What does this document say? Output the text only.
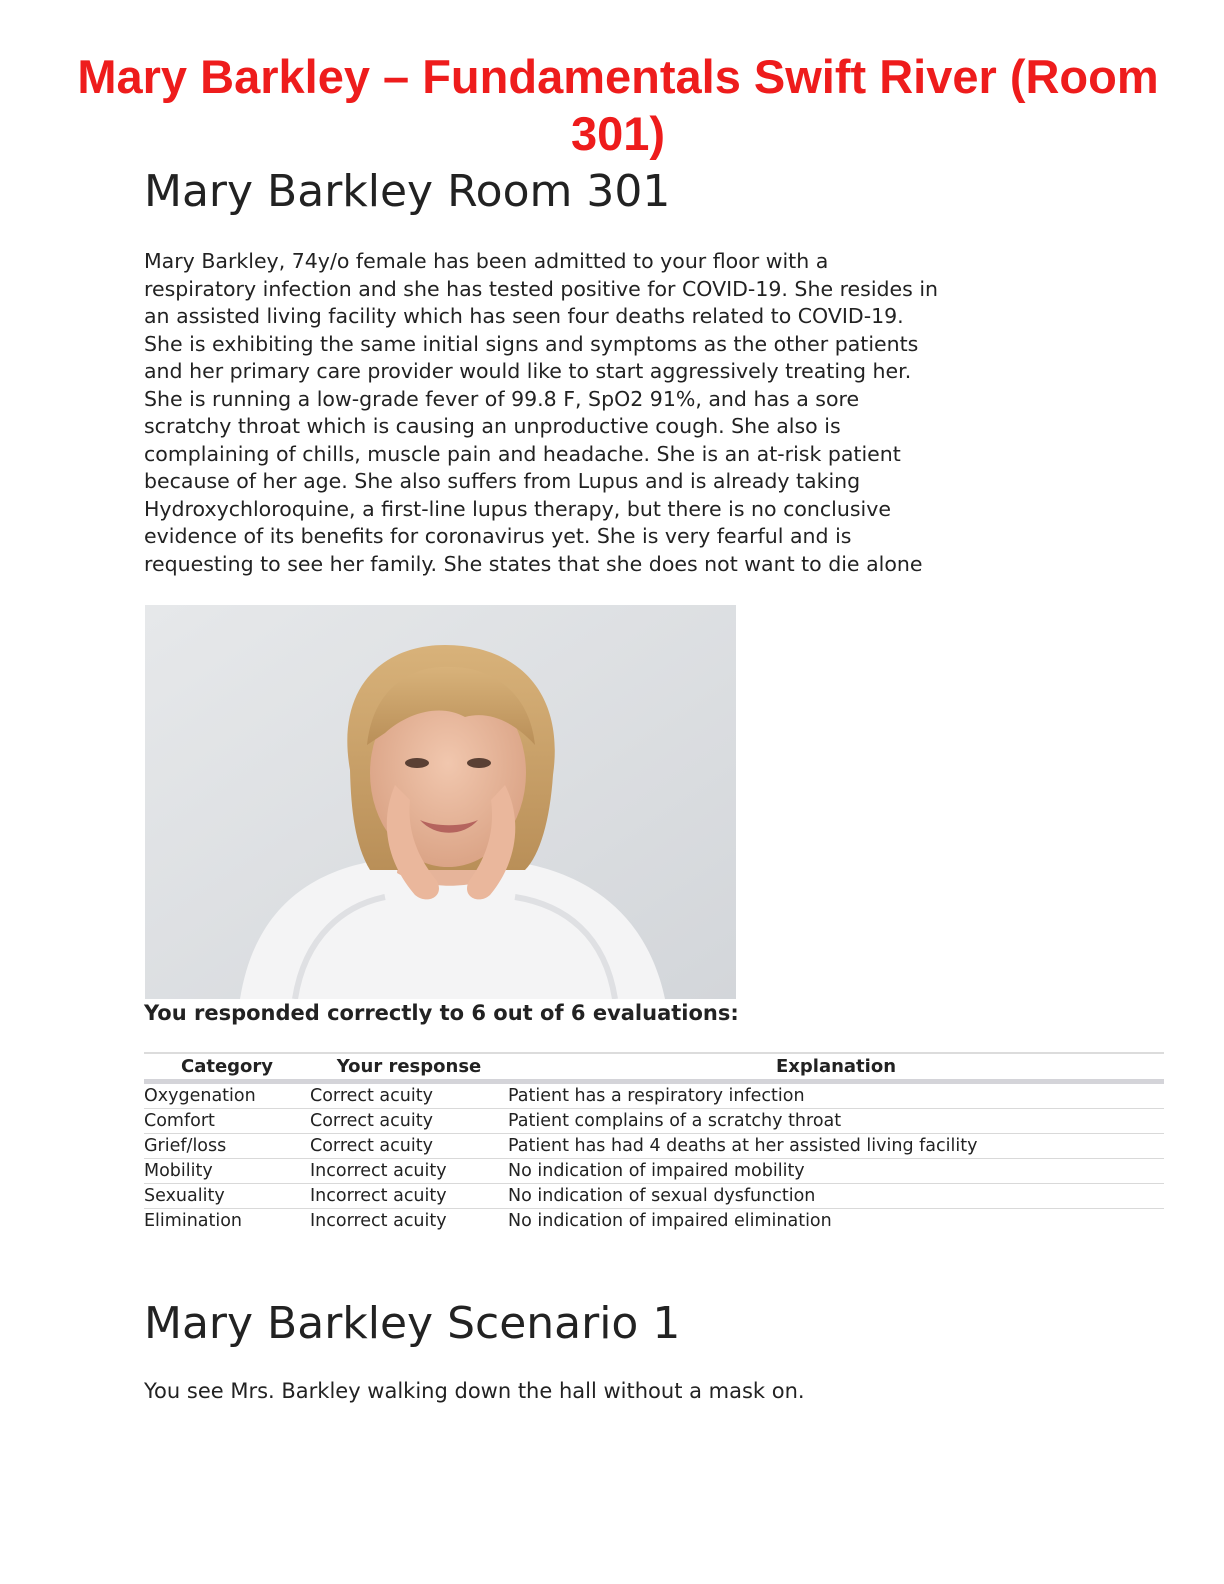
Mary Barkley – Fundamentals Swift River (Room 301)
Mary Barkley Room 301

Mary Barkley, 74y/o female has been admitted to your floor with a
respiratory infection and she has tested positive for COVID-19. She resides in
an assisted living facility which has seen four deaths related to COVID-19.
She is exhibiting the same initial signs and symptoms as the other patients
and her primary care provider would like to start aggressively treating her.
She is running a low-grade fever of 99.8 F, SpO2 91%, and has a sore
scratchy throat which is causing an unproductive cough. She also is
complaining of chills, muscle pain and headache. She is an at-risk patient
because of her age. She also suffers from Lupus and is already taking
Hydroxychloroquine, a first-line lupus therapy, but there is no conclusive
evidence of its benefits for coronavirus yet. She is very fearful and is
requesting to see her family. She states that she does not want to die alone

You responded correctly to 6 out of 6 evaluations:

Category	Your response	Explanation
Oxygenation	Correct acuity	Patient has a respiratory infection
Comfort	Correct acuity	Patient complains of a scratchy throat
Grief/loss	Correct acuity	Patient has had 4 deaths at her assisted living facility
Mobility	Incorrect acuity	No indication of impaired mobility
Sexuality	Incorrect acuity	No indication of sexual dysfunction
Elimination	Incorrect acuity	No indication of impaired elimination
Mary Barkley Scenario 1

You see Mrs. Barkley walking down the hall without a mask on.
